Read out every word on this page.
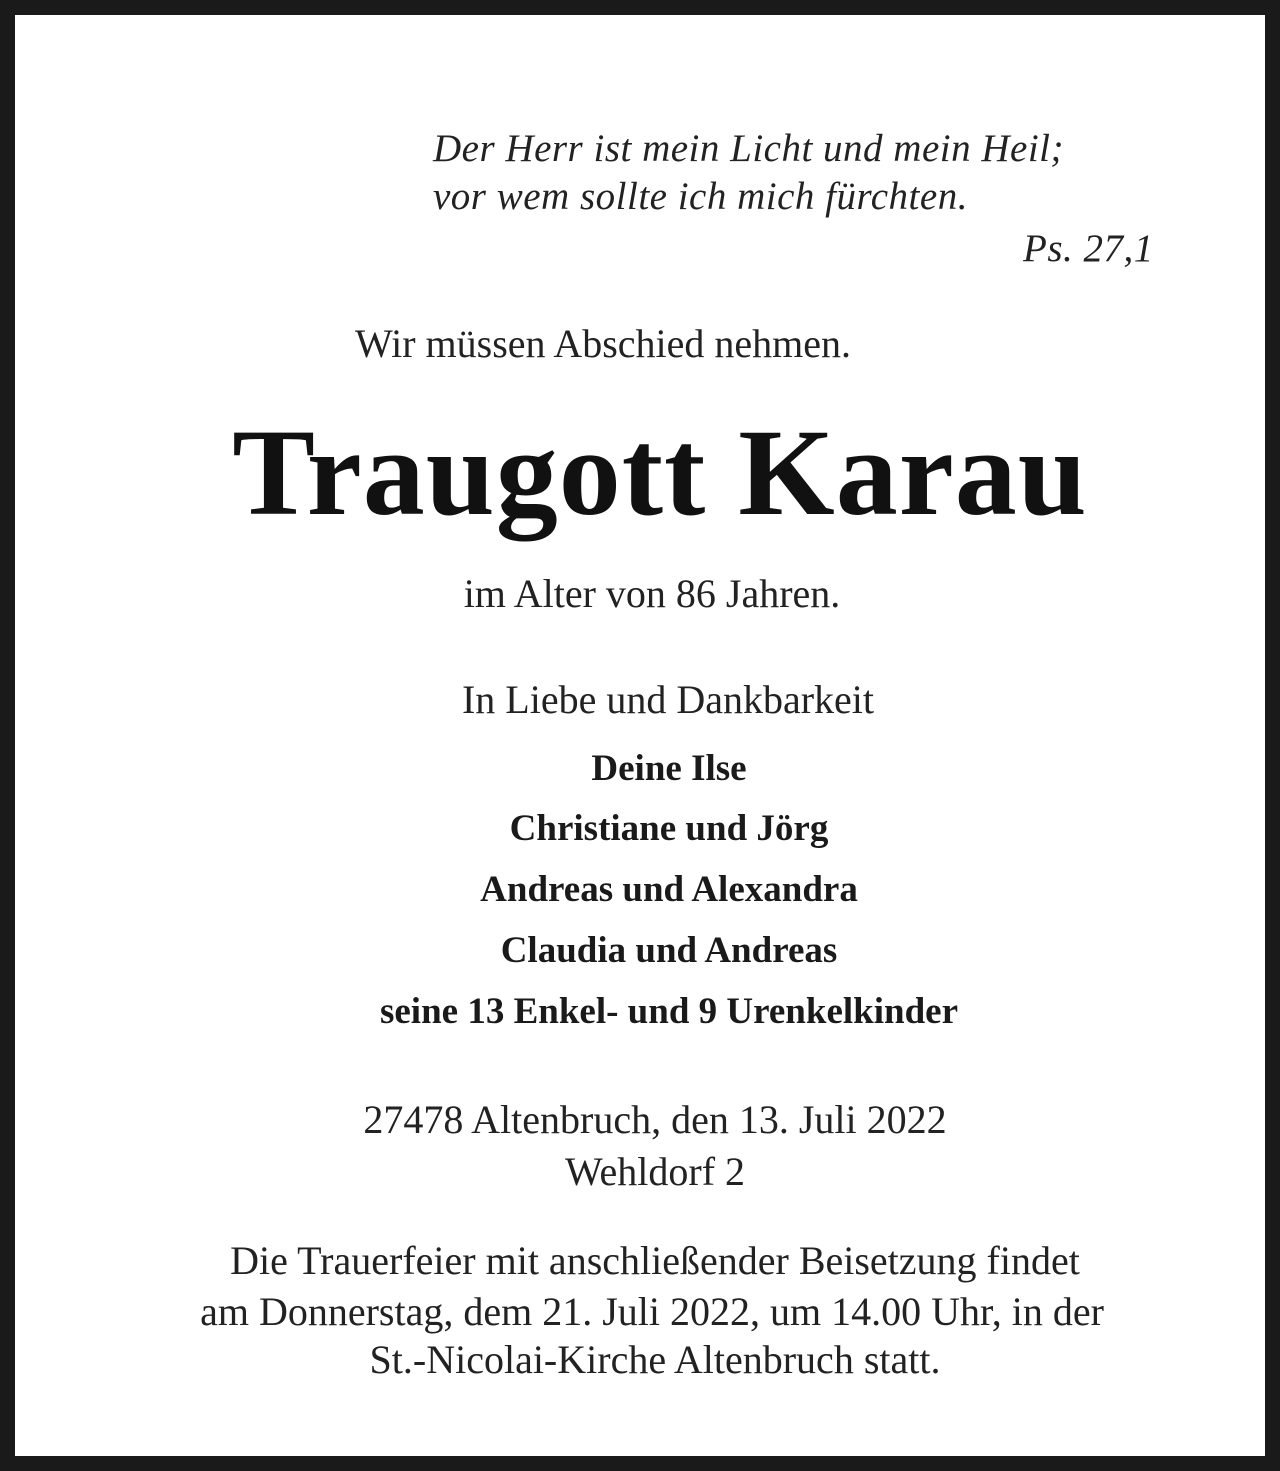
Der Herr ist mein Licht und mein Heil;
vor wem sollte ich mich fürchten.
Ps. 27,1
Wir müssen Abschied nehmen.
Traugott Karau
im Alter von 86 Jahren.
In Liebe und Dankbarkeit
Deine Ilse
Christiane und Jörg
Andreas und Alexandra
Claudia und Andreas
seine 13 Enkel- und 9 Urenkelkinder
27478 Altenbruch, den 13. Juli 2022
Wehldorf 2
Die Trauerfeier mit anschließender Beisetzung findet
am Donnerstag, dem 21. Juli 2022, um 14.00 Uhr, in der
St.-Nicolai-Kirche Altenbruch statt.
